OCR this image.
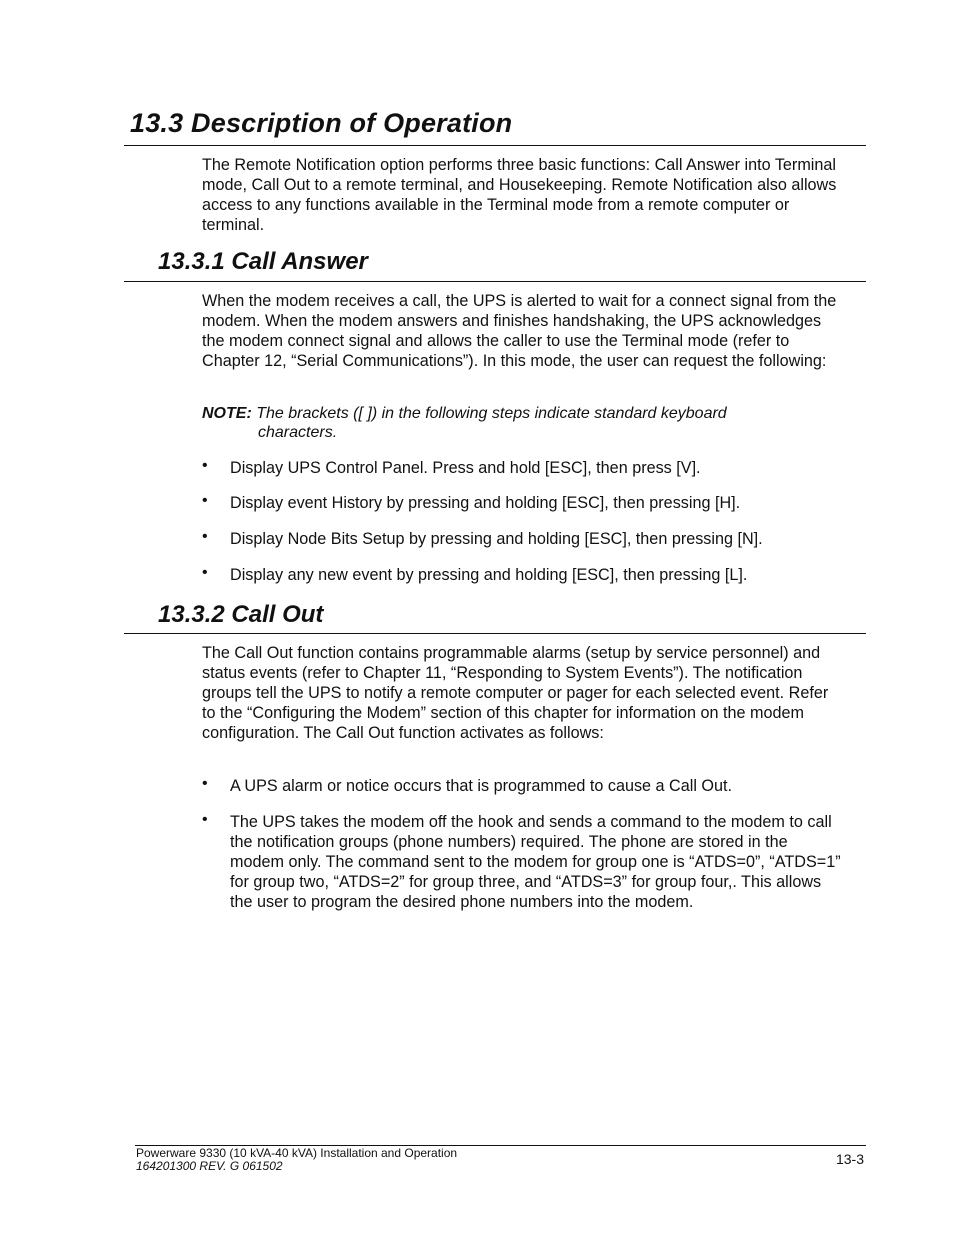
13.3 Description of Operation

The Remote Notification option performs three basic functions: Call Answer into Terminal mode, Call Out to a remote terminal, and Housekeeping. Remote Notification also allows access to any functions available in the Terminal mode from a remote computer or terminal.

13.3.1 Call Answer

When the modem receives a call, the UPS is alerted to wait for a connect signal from the modem. When the modem answers and finishes handshaking, the UPS acknowledges the modem connect signal and allows the caller to use the Terminal mode (refer to Chapter 12, “Serial Communications”). In this mode, the user can request the following:

NOTE: The brackets ([ ]) in the following steps indicate standard keyboard
characters.

• Display UPS Control Panel. Press and hold [ESC], then press [V].
• Display event History by pressing and holding [ESC], then pressing [H].
• Display Node Bits Setup by pressing and holding [ESC], then pressing [N].
• Display any new event by pressing and holding [ESC], then pressing [L].
13.3.2 Call Out

The Call Out function contains programmable alarms (setup by service personnel) and status events (refer to Chapter 11, “Responding to System Events”). The notification groups tell the UPS to notify a remote computer or pager for each selected event. Refer to the “Configuring the Modem” section of this chapter for information on the modem configuration. The Call Out function activates as follows:

• A UPS alarm or notice occurs that is programmed to cause a Call Out.
• The UPS takes the modem off the hook and sends a command to the modem to call the notification groups (phone numbers) required. The phone are stored in the modem only. The command sent to the modem for group one is “ATDS=0”, “ATDS=1” for group two, “ATDS=2” for group three, and “ATDS=3” for group four,. This allows the user to program the desired phone numbers into the modem.
Powerware 9330 (10 kVA-40 kVA) Installation and Operation
164201300 REV. G 061502	13-3
